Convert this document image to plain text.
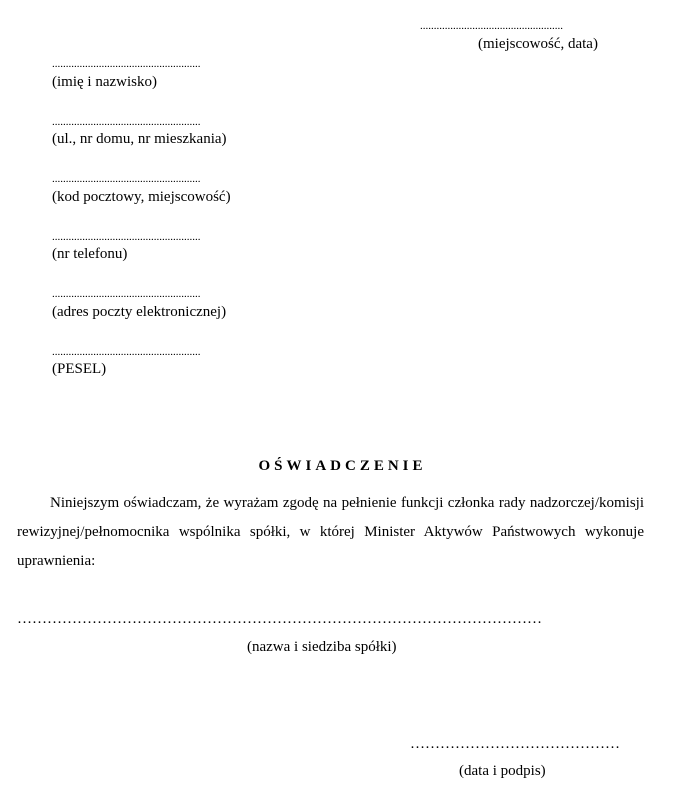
....................................................
(miejscowość, data)
......................................................
(imię i nazwisko)
......................................................
(ul., nr domu, nr mieszkania)
......................................................
(kod pocztowy, miejscowość)
......................................................
(nr telefonu)
......................................................
(adres poczty elektronicznej)
......................................................
(PESEL)
OŚWIADCZENIE
Niniejszym oświadczam, że wyrażam zgodę na pełnienie funkcji członka rady nadzorczej/komisji rewizyjnej/pełnomocnika wspólnika spółki, w której Minister Aktywów Państwowych wykonuje uprawnienia:
……………………………………………………………………………………………
(nazwa i siedziba spółki)
……………………………………
(data i podpis)
